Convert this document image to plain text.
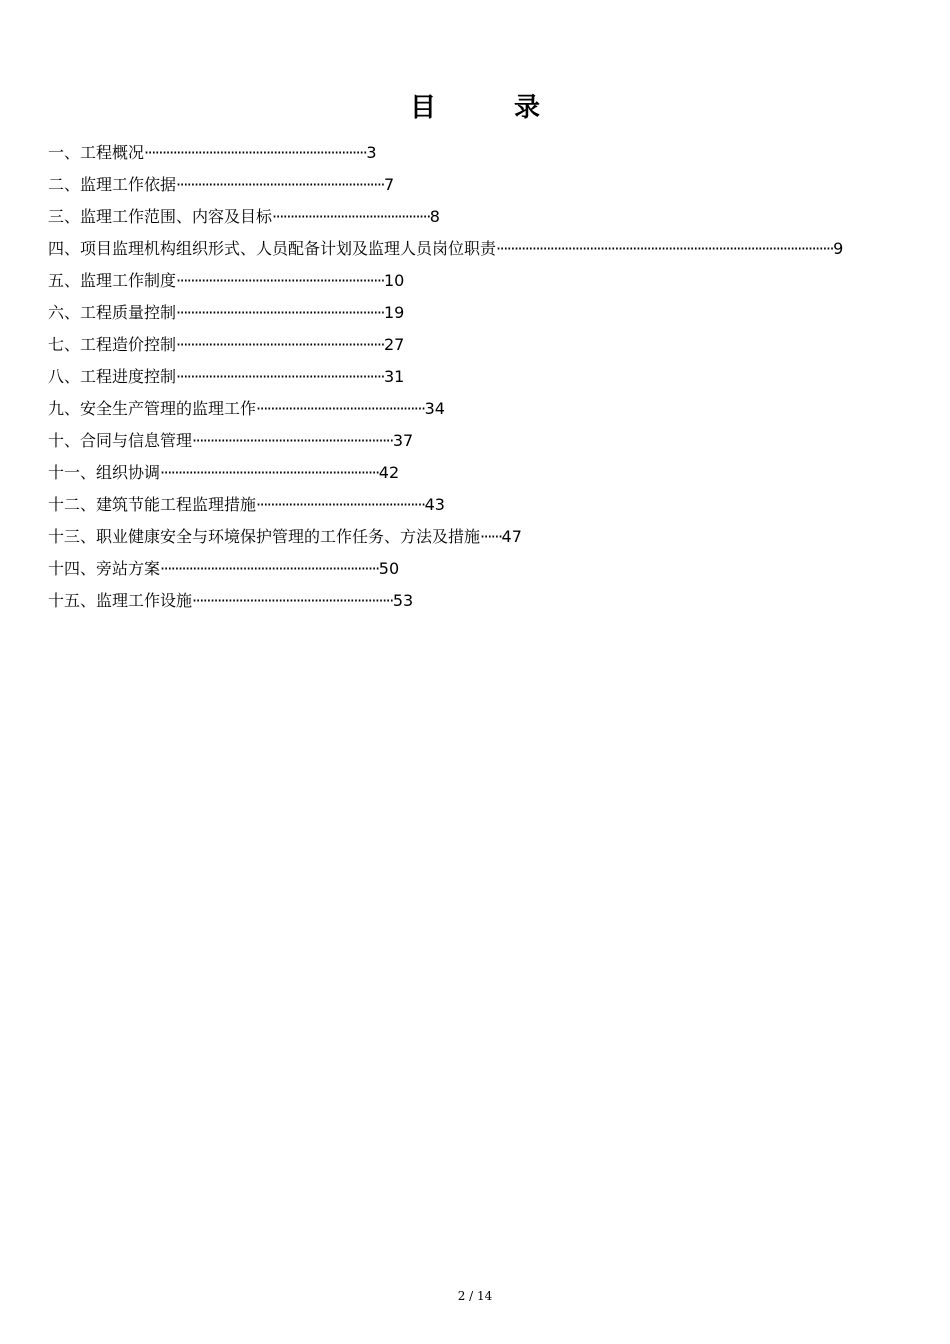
目　录
一、工程概况······························································3
二、监理工作依据··························································7
三、监理工作范围、内容及目标············································8
四、项目监理机构组织形式、人员配备计划及监理人员岗位职责······························································································9
五、监理工作制度··························································10
六、工程质量控制··························································19
七、工程造价控制··························································27
八、工程进度控制··························································31
九、安全生产管理的监理工作···············································34
十、合同与信息管理························································37
十一、组织协调·····························································42
十二、建筑节能工程监理措施···············································43
十三、职业健康安全与环境保护管理的工作任务、方法及措施······47
十四、旁站方案·····························································50
十五、监理工作设施························································53
2 / 14
